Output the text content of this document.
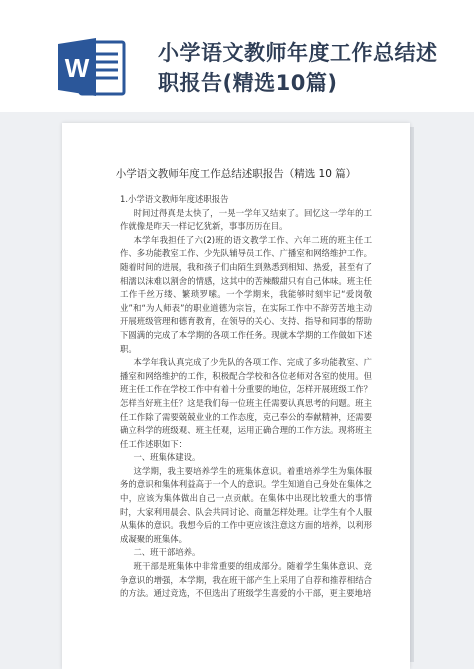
W	小学语文教师年度工作总结述
职报告(精选10篇)
小学语文教师年度工作总结述职报告（精选 10 篇）

1.小学语文教师年度述职报告

时间过得真是太快了，一晃一学年又结束了。回忆这一学年的工作就像是昨天一样记忆犹新，事事历历在目。

本学年我担任了六(2)班的语文教学工作、六年二班的班主任工作、多功能教室工作、少先队辅导员工作、广播室和网络维护工作。随着时间的进展，我和孩子们由陌生到熟悉到相知、热爱，甚至有了相濡以沫难以割舍的情感，这其中的苦辣酸甜只有自己体味。班主任工作千丝万缕、繁琐罗嗦。一个学期来，我能够时刻牢记“爱岗敬业”和“为人师表”的职业道德为宗旨，在实际工作中不辞劳苦地主动开展班级管理和德育教育，在领导的关心、支持、指导和同事的帮助下圆满的完成了本学期的各项工作任务。现就本学期的工作做如下述职。

本学年我认真完成了少先队的各项工作、完成了多功能教室、广播室和网络维护的工作，积极配合学校和各位老师对各室的使用。但班主任工作在学校工作中有着十分重要的地位，怎样开展班级工作？怎样当好班主任？这是我们每一位班主任需要认真思考的问题。班主任工作除了需要兢兢业业的工作态度，克己奉公的奉献精神，还需要确立科学的班级观、班主任观，运用正确合理的工作方法。现将班主任工作述职如下：

一、班集体建设。

这学期，我主要培养学生的班集体意识。着重培养学生为集体服务的意识和集体利益高于一个人的意识。学生知道自己身处在集体之中，应该为集体做出自己一点贡献。在集体中出现比较重大的事情时，大家利用晨会、队会共同讨论、商量怎样处理。让学生有个人服从集体的意识。我想今后的工作中更应该注意这方面的培养，以利形成凝聚的班集体。

二、班干部培养。

班干部是班集体中非常重要的组成部分。随着学生集体意识、竞争意识的增强，本学期，我在班干部产生上采用了自荐和推荐相结合的方法。通过竞选，不但选出了班级学生喜爱的小干部，更主要地培
